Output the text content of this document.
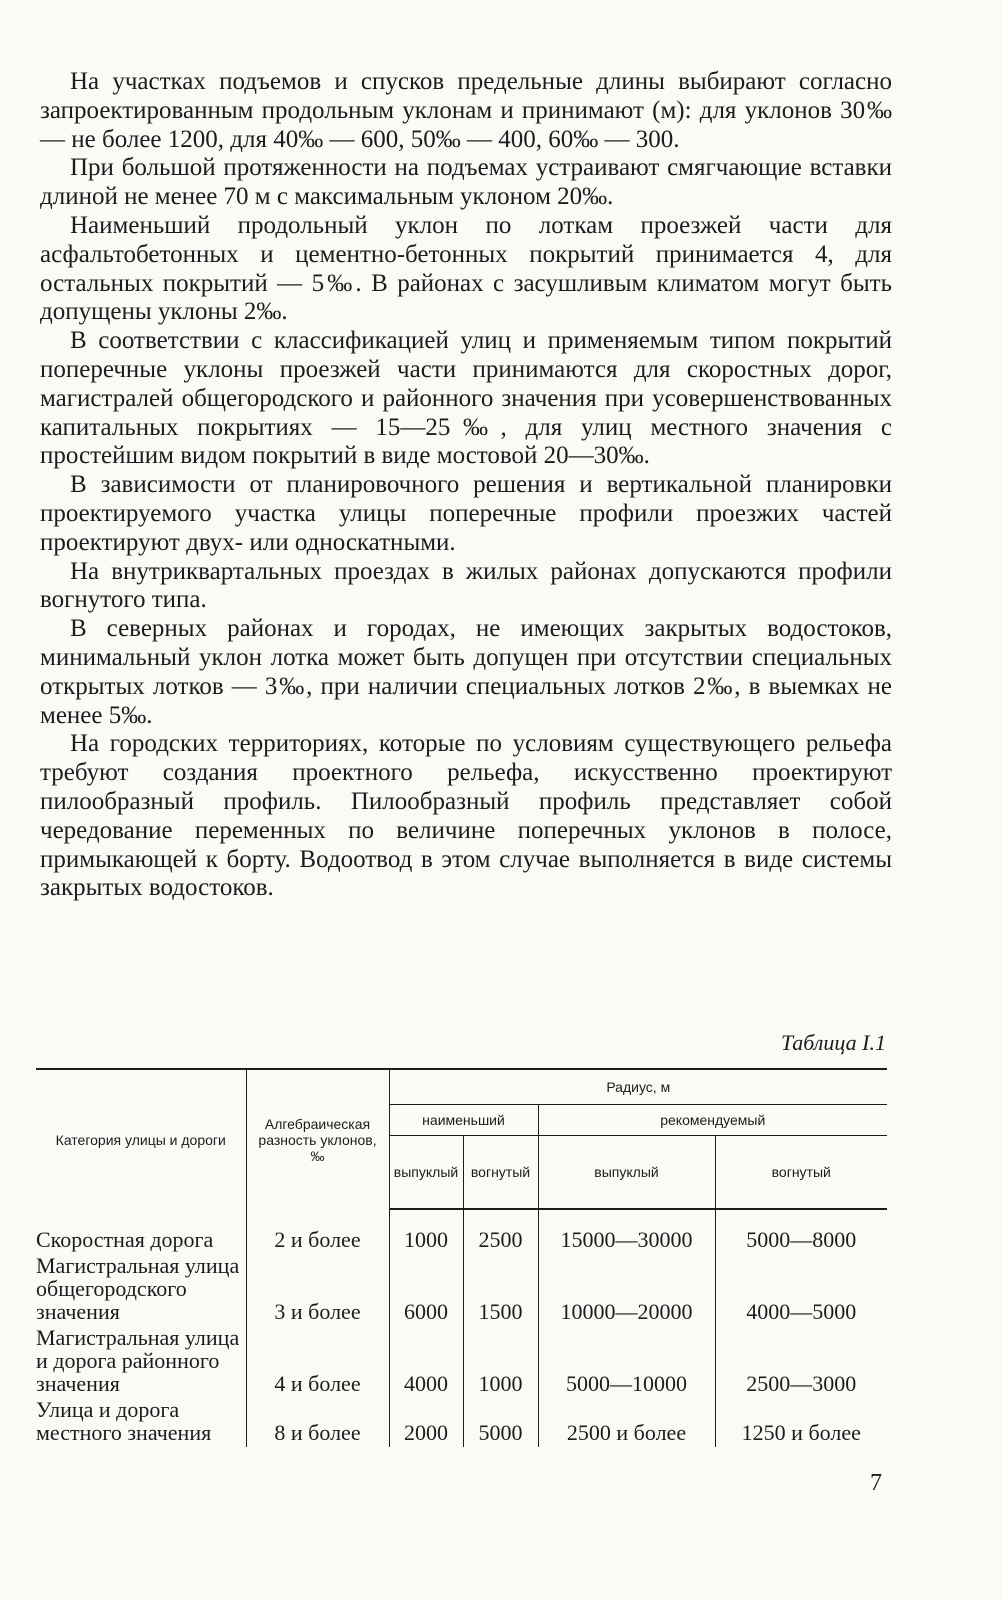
На участках подъемов и спусков предельные длины выбирают согласно запроектированным продольным уклонам и принимают (м): для уклонов 30‰ — не более 1200, для 40‰ — 600, 50‰ — 400, 60‰ — 300.

При большой протяженности на подъемах устраивают смягчающие вставки длиной не менее 70 м с максимальным уклоном 20‰.

Наименьший продольный уклон по лоткам проезжей части для асфальтобетонных и цементно-бетонных покрытий принимается 4, для остальных покрытий — 5‰. В районах с засушливым климатом могут быть допущены уклоны 2‰.

В соответствии с классификацией улиц и применяемым типом покрытий поперечные уклоны проезжей части принимаются для скоростных дорог, магистралей общегородского и районного значения при усовершенствованных капитальных покрытиях — 15—25‰, для улиц местного значения с простейшим видом покрытий в виде мостовой 20—30‰.

В зависимости от планировочного решения и вертикальной планировки проектируемого участка улицы поперечные профили проезжих частей проектируют двух- или односкатными.

На внутриквартальных проездах в жилых районах допускаются профили вогнутого типа.

В северных районах и городах, не имеющих закрытых водостоков, минимальный уклон лотка может быть допущен при отсутствии специальных открытых лотков — 3‰, при наличии специальных лотков 2‰, в выемках не менее 5‰.

На городских территориях, которые по условиям существующего рельефа требуют создания проектного рельефа, искусственно проектируют пилообразный профиль. Пилообразный профиль представляет собой чередование переменных по величине поперечных уклонов в полосе, примыкающей к борту. Водоотвод в этом случае выполняется в виде системы закрытых водостоков.

Таблица I.1
Категория улицы и дороги	Алгебраическая разность уклонов, ‰	Радиус, м			
		наименьший		рекомендуемый	
		выпуклый	вогнутый	выпуклый	вогнутый

Скоростная дорога	2 и более	1000	2500	15000—30000	5000—8000
Магистральная улица общегородского значения	3 и более	6000	1500	10000—20000	4000—5000
Магистральная улица и дорога районного значения	4 и более	4000	1000	5000—10000	2500—3000
Улица и дорога местного значения	8 и более	2000	5000	2500 и более	1250 и более
7
